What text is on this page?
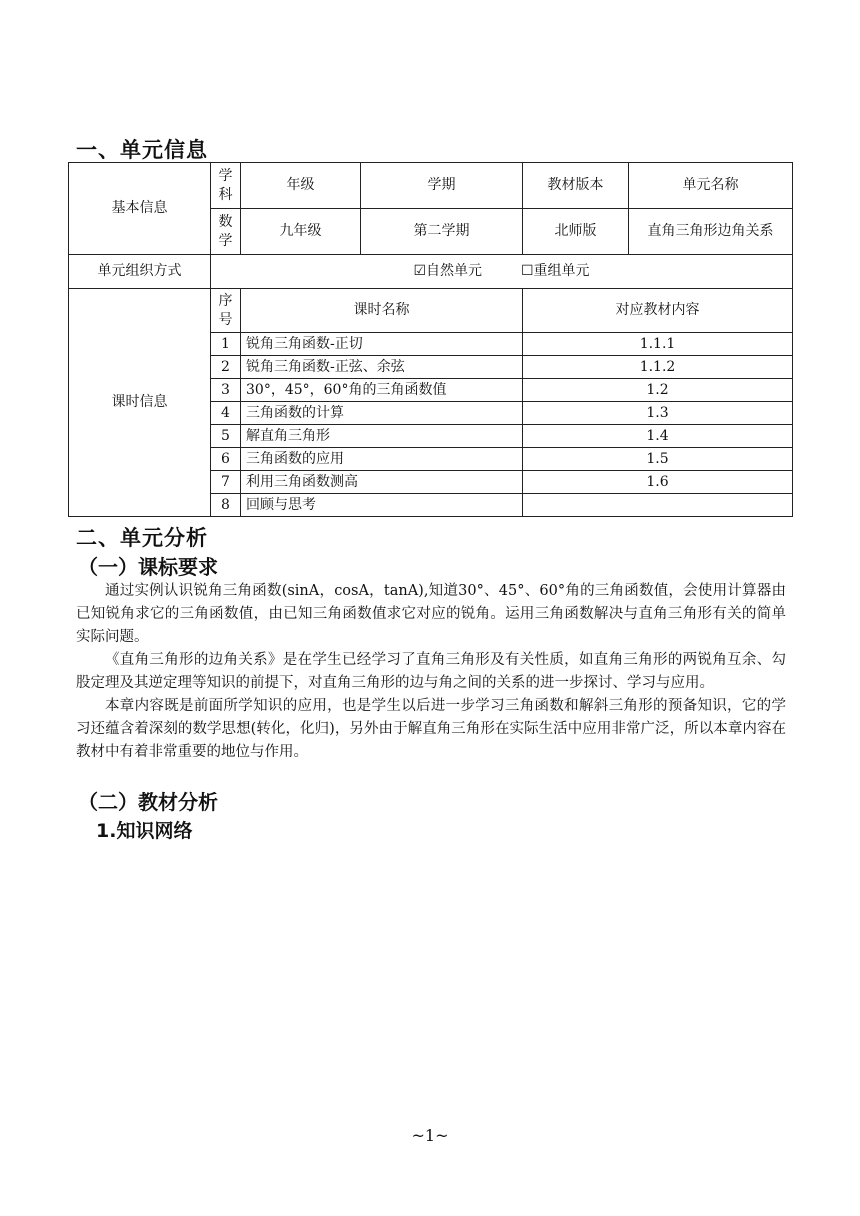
一、单元信息
基本信息	学科	年级	学期	教材版本	单元名称
	数学	九年级	第二学期	北师版	直角三角形边角关系
单元组织方式	☑自然单元 ☐重组单元				
课时信息	序号	课时名称		对应教材内容	
	1	锐角三角函数-正切		1.1.1	
	2	锐角三角函数-正弦、余弦		1.1.2	
	3	30°，45°，60°角的三角函数值		1.2	
	4	三角函数的计算		1.3	
	5	解直角三角形		1.4	
	6	三角函数的应用		1.5	
	7	利用三角函数测高		1.6	
	8	回顾与思考			
二、单元分析
（一）课标要求

通过实例认识锐角三角函数(sinA，cosA，tanA),知道30°、45°、60°角的三角函数值，会使用计算器由已知锐角求它的三角函数值，由已知三角函数值求它对应的锐角。运用三角函数解决与直角三角形有关的简单实际问题。

《直角三角形的边角关系》是在学生已经学习了直角三角形及有关性质，如直角三角形的两锐角互余、勾股定理及其逆定理等知识的前提下，对直角三角形的边与角之间的关系的进一步探讨、学习与应用。

本章内容既是前面所学知识的应用，也是学生以后进一步学习三角函数和解斜三角形的预备知识，它的学习还蕴含着深刻的数学思想(转化，化归)，另外由于解直角三角形在实际生活中应用非常广泛，所以本章内容在教材中有着非常重要的地位与作用。

（二）教材分析
1.知识网络
~1~
